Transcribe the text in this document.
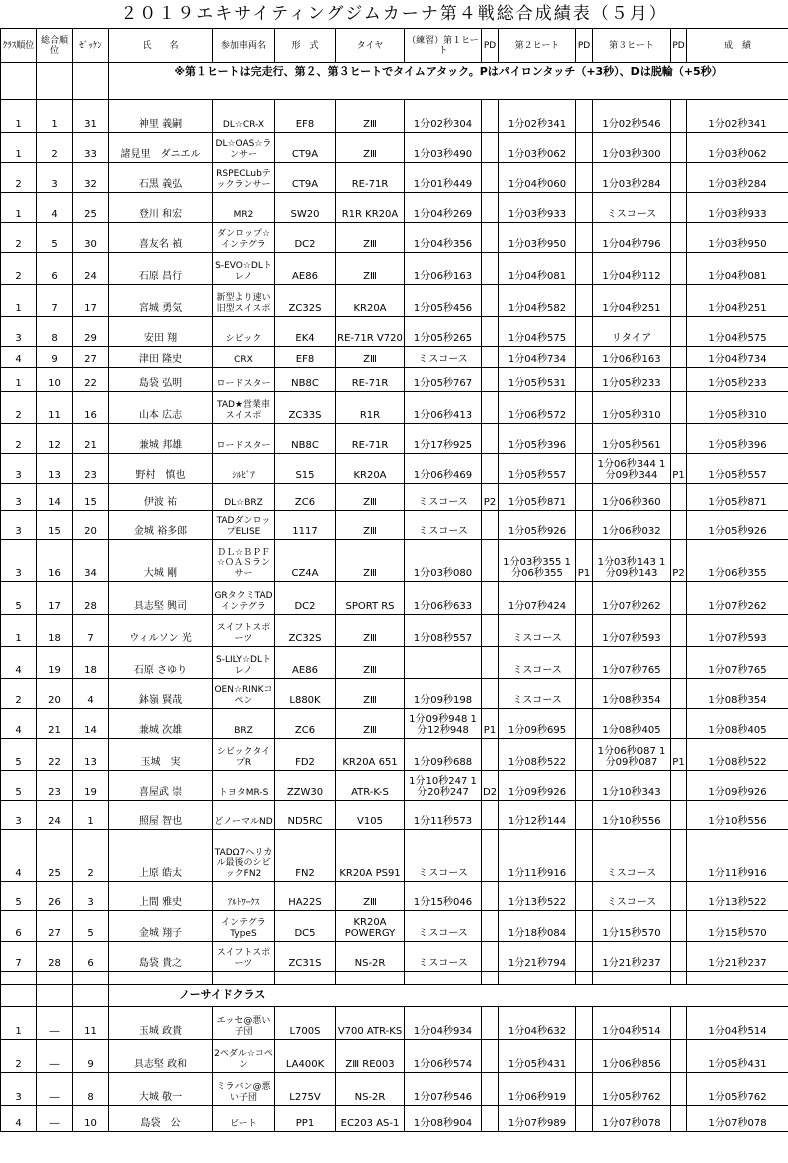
２０１９エキサイティングジムカーナ第４戦総合成績表（５月）
ｸﾗｽ順位	総合順位	ｾﾞｯｹﾝ	氏　　名	参加車両名	形　式	タイヤ	（練習）第１ヒート	PD	第２ヒート	PD	第３ヒート	PD	成　績
			※第１ヒートは完走行、第２、第３ヒートでタイムアタック。Pはパイロンタッチ（+3秒）、Dは脱輪（+5秒）										
1	1	31	神里 義嗣	DL☆CR-X	EF8	ZⅢ	1分02秒304		1分02秒341		1分02秒546		1分02秒341
1	2	33	諸見里　ダニエル	DL☆OAS☆ランサー	CT9A	ZⅢ	1分03秒490		1分03秒062		1分03秒300		1分03秒062
2	3	32	石黒 義弘	RSPECLubテックランサー	CT9A	RE-71R	1分01秒449		1分04秒060		1分03秒284		1分03秒284
1	4	25	登川 和宏	MR2	SW20	R1R KR20A	1分04秒269		1分03秒933		ミスコース		1分03秒933
2	5	30	喜友名 禎	ダンロップ☆インテグラ	DC2	ZⅢ	1分04秒356		1分03秒950		1分04秒796		1分03秒950
2	6	24	石原 昌行	S-EVO☆DLトレノ	AE86	ZⅢ	1分06秒163		1分04秒081		1分04秒112		1分04秒081
1	7	17	宮城 勇気	新型より速い旧型スイスポ	ZC32S	KR20A	1分05秒456		1分04秒582		1分04秒251		1分04秒251
3	8	29	安田 翔	シビック	EK4	RE-71R V720	1分05秒265		1分04秒575		リタイア		1分04秒575
4	9	27	津田 隆史	CRX	EF8	ZⅢ	ミスコース		1分04秒734		1分06秒163		1分04秒734
1	10	22	島袋 弘明	ロードスター	NB8C	RE-71R	1分05秒767		1分05秒531		1分05秒233		1分05秒233
2	11	16	山本 広志	TAD★営業車スイスポ	ZC33S	R1R	1分06秒413		1分06秒572		1分05秒310		1分05秒310
2	12	21	兼城 邦雄	ロードスター	NB8C	RE-71R	1分17秒925		1分05秒396		1分05秒561		1分05秒396
3	13	23	野村　慎也	ｼﾙﾋﾞｱ	S15	KR20A	1分06秒469		1分05秒557		1分06秒344 1分09秒344	P1	1分05秒557
3	14	15	伊波 祐	DL☆BRZ	ZC6	ZⅢ	ミスコース	P2	1分05秒871		1分06秒360		1分05秒871
3	15	20	金城 裕多郎	TADダンロップELISE	1117	ZⅢ	ミスコース		1分05秒926		1分06秒032		1分05秒926
3	16	34	大城 剛	ＤＬ☆ＢＰＦ☆ＯＡＳランサー	CZ4A	ZⅢ	1分03秒080		1分03秒355 1分06秒355	P1	1分03秒143 1分09秒143	P2	1分06秒355
5	17	28	具志堅 興司	GRタクミTADインテグラ	DC2	SPORT RS	1分06秒633		1分07秒424		1分07秒262		1分07秒262
1	18	7	ウィルソン 光	スイフトスポーツ	ZC32S	ZⅢ	1分08秒557		ミスコース		1分07秒593		1分07秒593
4	19	18	石原 さゆり	S-LILY☆DLトレノ	AE86	ZⅢ			ミスコース		1分07秒765		1分07秒765
2	20	4	鉢嶺 賢哉	OEN☆RINKコペン	L880K	ZⅢ	1分09秒198		ミスコース		1分08秒354		1分08秒354
4	21	14	兼城 次雄	BRZ	ZC6	ZⅢ	1分09秒948 1分12秒948	P1	1分09秒695		1分08秒405		1分08秒405
5	22	13	玉城　実	シビックタイプR	FD2	KR20A 651	1分09秒688		1分08秒522		1分06秒087 1分09秒087	P1	1分08秒522
5	23	19	喜屋武 崇	トヨタMR-S	ZZW30	ATR-K-S	1分10秒247 1分20秒247	D2	1分09秒926		1分10秒343		1分09秒926
3	24	1	照屋 智也	どノーマルND	ND5RC	V105	1分11秒573		1分12秒144		1分10秒556		1分10秒556
4	25	2	上原 皓太	TADΩ7ヘリカル最後のシビックFN2	FN2	KR20A PS91	ミスコース		1分11秒916		ミスコース		1分11秒916
5	26	3	上間 雅史	ｱﾙﾄﾜｰｸｽ	HA22S	ZⅢ	1分15秒046		1分13秒522		ミスコース		1分13秒522
6	27	5	金城 翔子	インテグラTypeS	DC5	KR20A POWERGY	ミスコース		1分18秒084		1分15秒570		1分15秒570
7	28	6	島袋 貴之	スイフトスポーツ	ZC31S	NS-2R	ミスコース		1分21秒794		1分21秒237		1分21秒237

			ノーサイドクラス										
1	―	11	玉城 政貴	エッセ@悪い子団	L700S	V700 ATR-KS	1分04秒934		1分04秒632		1分04秒514		1分04秒514
2	―	9	具志堅 政和	2ペダル☆コペン	LA400K	ZⅢ RE003	1分06秒574		1分05秒431		1分06秒856		1分05秒431
3	―	8	大城 敬一	ミラバン@悪い子団	L275V	NS-2R	1分07秒546		1分06秒919		1分05秒762		1分05秒762
4	―	10	島袋　公	ビート	PP1	EC203 AS-1	1分08秒904		1分07秒989		1分07秒078		1分07秒078
